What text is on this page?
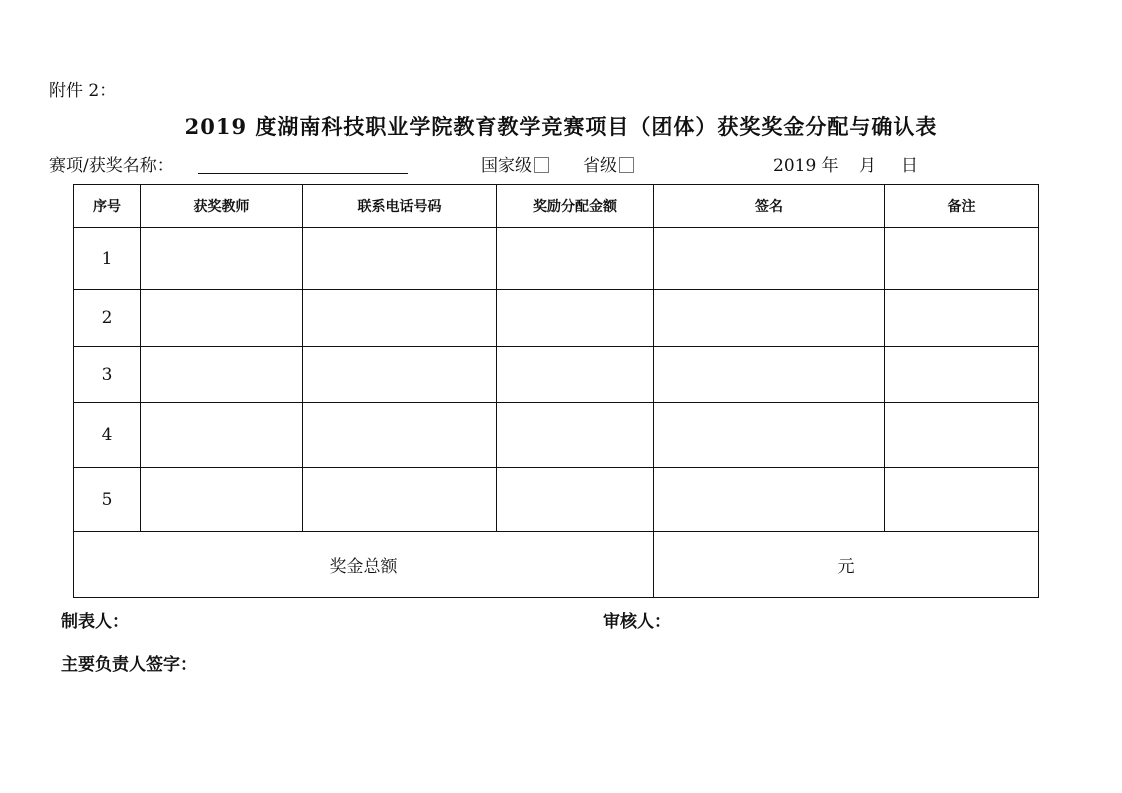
附件 2：
2019 度湖南科技职业学院教育教学竞赛项目（团体）获奖奖金分配与确认表
赛项/获奖名称：	国家级	省级	2019 年 月 日
序号	获奖教师	联系电话号码	奖励分配金额	签名	备注
1					
2					
3					
4					
5					
奖金总额				元	
制表人：	审核人：
主要负责人签字：
